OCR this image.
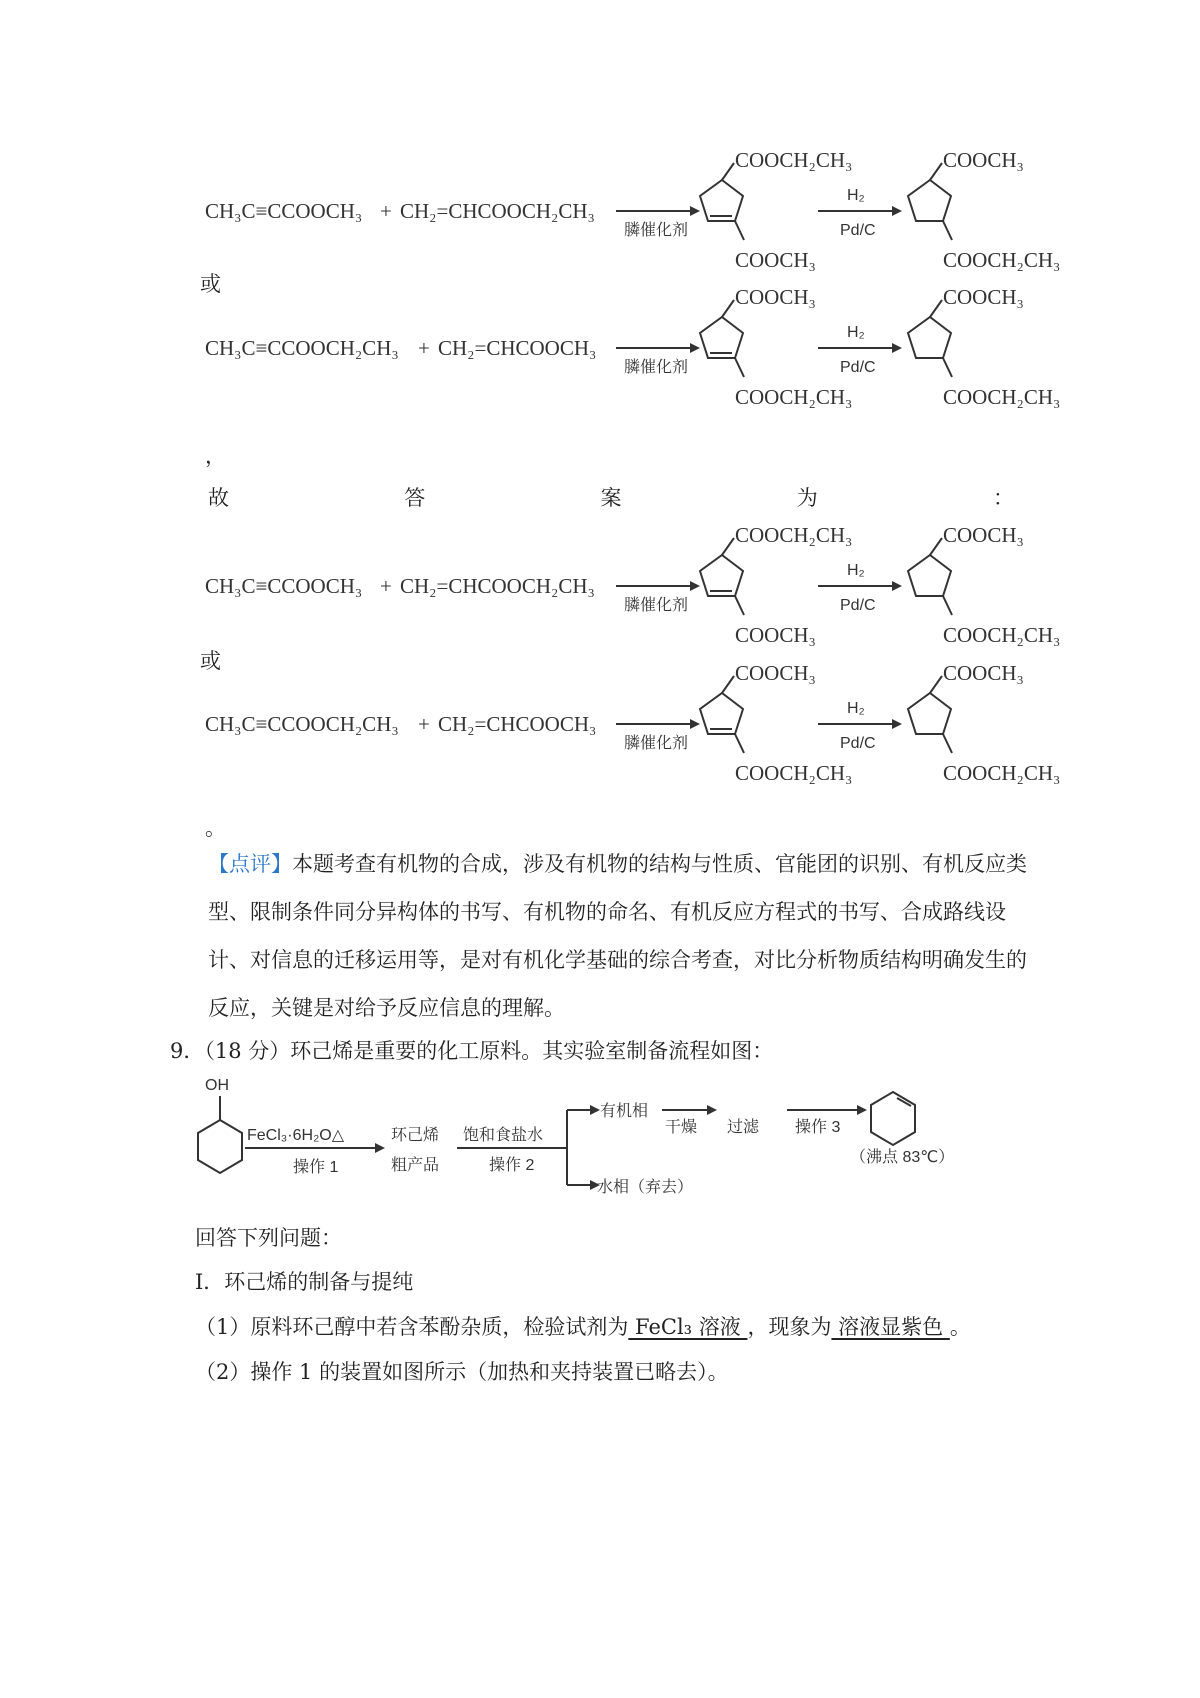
CH₃C≡CCOOCH₃ + CH₂=CHCOOCH₂CH₃
膦催化剂
COOCH₂CH₃
COOCH₃
H₂
Pd/C
COOCH₃
COOCH₂CH₃
或
CH₃C≡CCOOCH₂CH₃ + CH₂=CHCOOCH₃
膦催化剂
COOCH₃
COOCH₂CH₃
H₂
Pd/C
COOCH₃
COOCH₂CH₃
，
故	答	案	为	：
CH₃C≡CCOOCH₃ + CH₂=CHCOOCH₂CH₃
膦催化剂
COOCH₂CH₃
COOCH₃
H₂
Pd/C
COOCH₃
COOCH₂CH₃
或
CH₃C≡CCOOCH₂CH₃ + CH₂=CHCOOCH₃
膦催化剂
COOCH₃
COOCH₂CH₃
H₂
Pd/C
COOCH₃
COOCH₂CH₃
。
【点评】本题考查有机物的合成，涉及有机物的结构与性质、官能团的识别、有机反应类型、限制条件同分异构体的书写、有机物的命名、有机反应方程式的书写、合成路线设计、对信息的迁移运用等，是对有机化学基础的综合考查，对比分析物质结构明确发生的反应，关键是对给予反应信息的理解。
9．（18 分）环己烯是重要的化工原料。其实验室制备流程如图：
OH
FeCl₃·6H₂O△
操作 1
环己烯
粗产品
饱和食盐水
操作 2
有机相
水相（弃去）
干燥 过滤 操作 3
（沸点 83℃）
回答下列问题：
Ⅰ．环己烯的制备与提纯
（1）原料环己醇中若含苯酚杂质，检验试剂为 FeCl₃ 溶液 ，现象为 溶液显紫色 。
（2）操作 1 的装置如图所示（加热和夹持装置已略去）。
